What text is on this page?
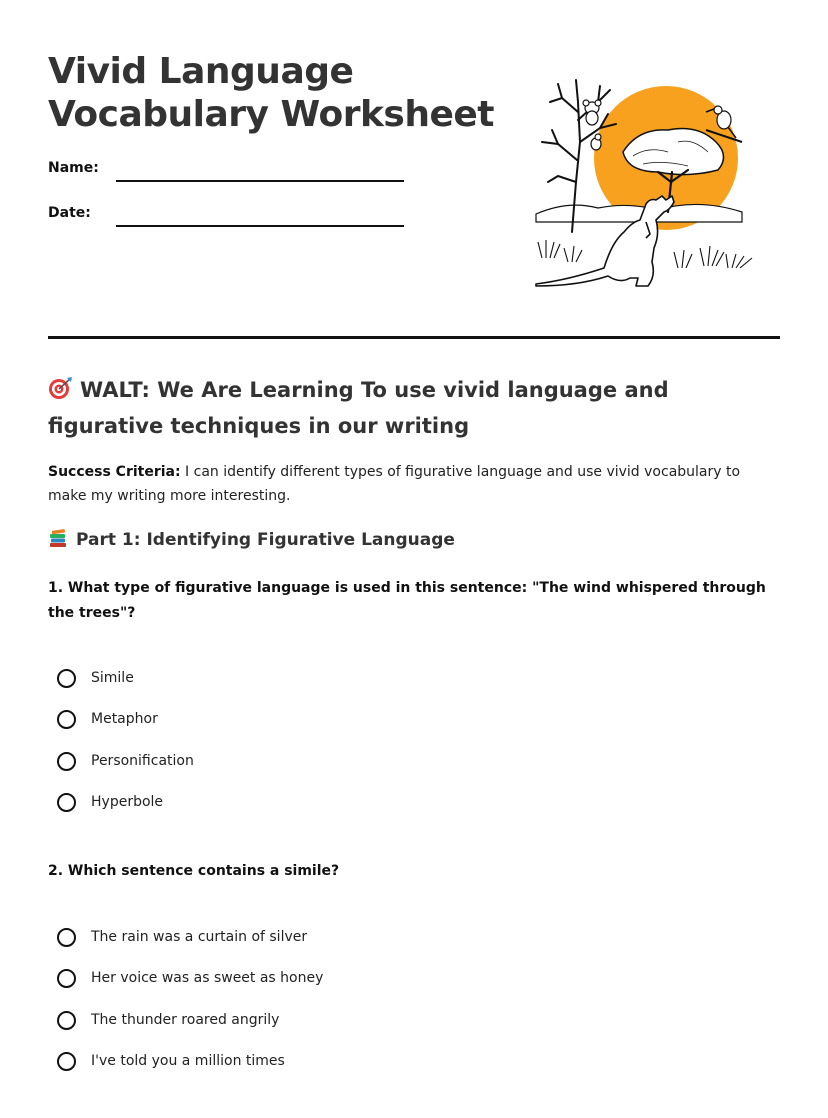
Vivid Language
Vocabulary Worksheet
Name:
Date:
WALT: We Are Learning To use vivid language and figurative techniques in our writing

Success Criteria: I can identify different types of figurative language and use vivid vocabulary to make my writing more interesting.

Part 1: Identifying Figurative Language

1. What type of figurative language is used in this sentence: "The wind whispered through the trees"?

Simile
Metaphor
Personification
Hyperbole

2. Which sentence contains a simile?

The rain was a curtain of silver
Her voice was as sweet as honey
The thunder roared angrily
I've told you a million times
